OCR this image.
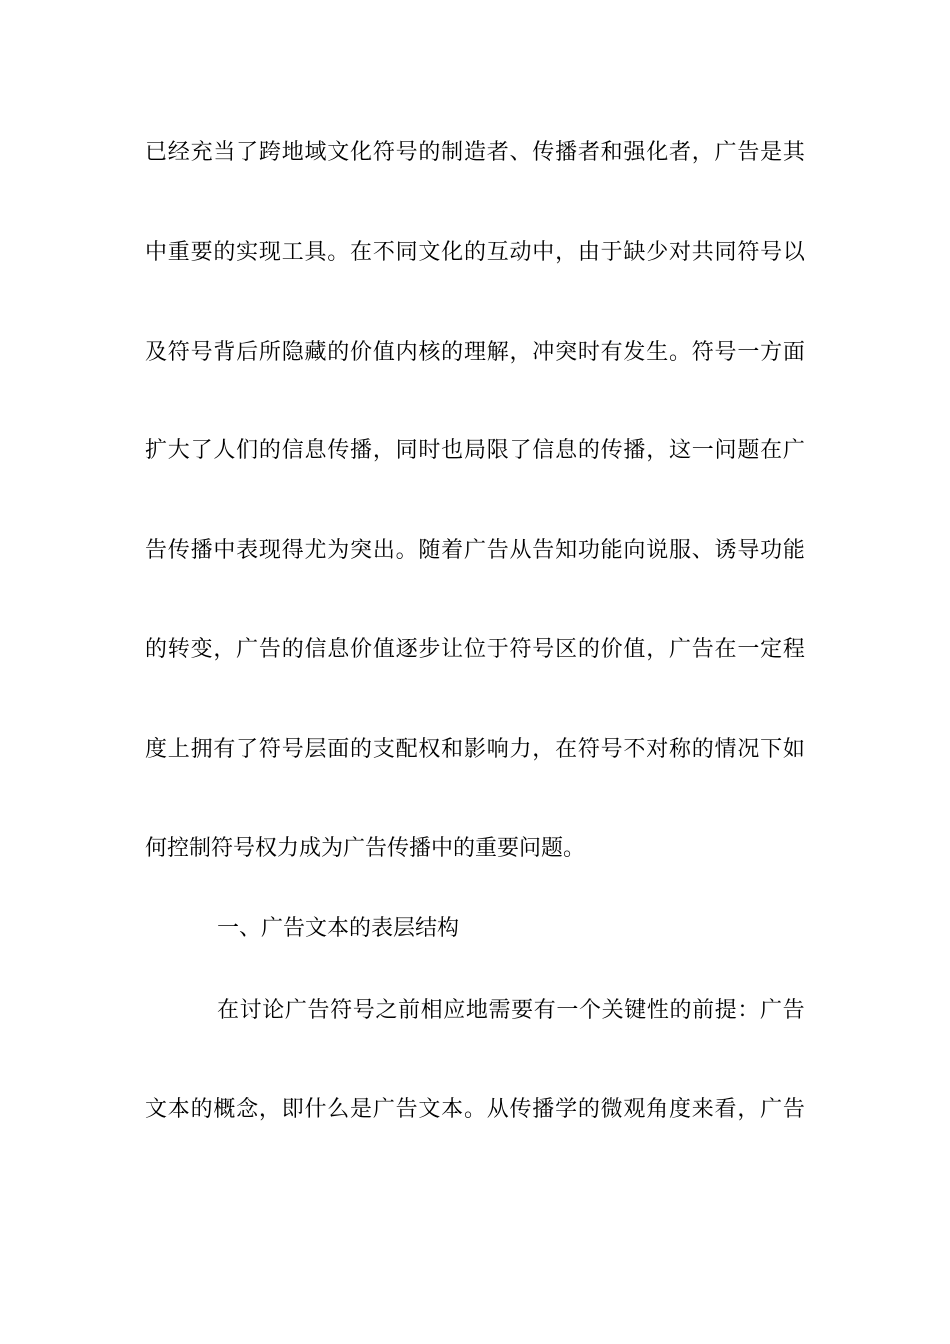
已 经 充 当 了 跨 地 域 文 化 符 号 的 制 造 者 、 传 播 者 和 强 化 者 ， 广 告 是 其
中 重 要 的 实 现 工 具 。 在 不 同 文 化 的 互 动 中 ， 由 于 缺 少 对 共 同 符 号 以
及 符 号 背 后 所 隐 藏 的 价 值 内 核 的 理 解 ， 冲 突 时 有 发 生 。 符 号 一 方 面
扩 大 了 人 们 的 信 息 传 播 ， 同 时 也 局 限 了 信 息 的 传 播 ， 这 一 问 题 在 广
告 传 播 中 表 现 得 尤 为 突 出 。 随 着 广 告 从 告 知 功 能 向 说 服 、 诱 导 功 能
的 转 变 ， 广 告 的 信 息 价 值 逐 步 让 位 于 符 号 区 的 价 值 ， 广 告 在 一 定 程
度 上 拥 有 了 符 号 层 面 的 支 配 权 和 影 响 力 ， 在 符 号 不 对 称 的 情 况 下 如
何控制符号权力成为广告传播中的重要问题。
一、广告文本的表层结构
在 讨 论 广 告 符 号 之 前 相 应 地 需 要 有 一 个 关 键 性 的 前 提 ： 广 告
文 本 的 概 念 ， 即 什 么 是 广 告 文 本 。 从 传 播 学 的 微 观 角 度 来 看 ， 广 告
